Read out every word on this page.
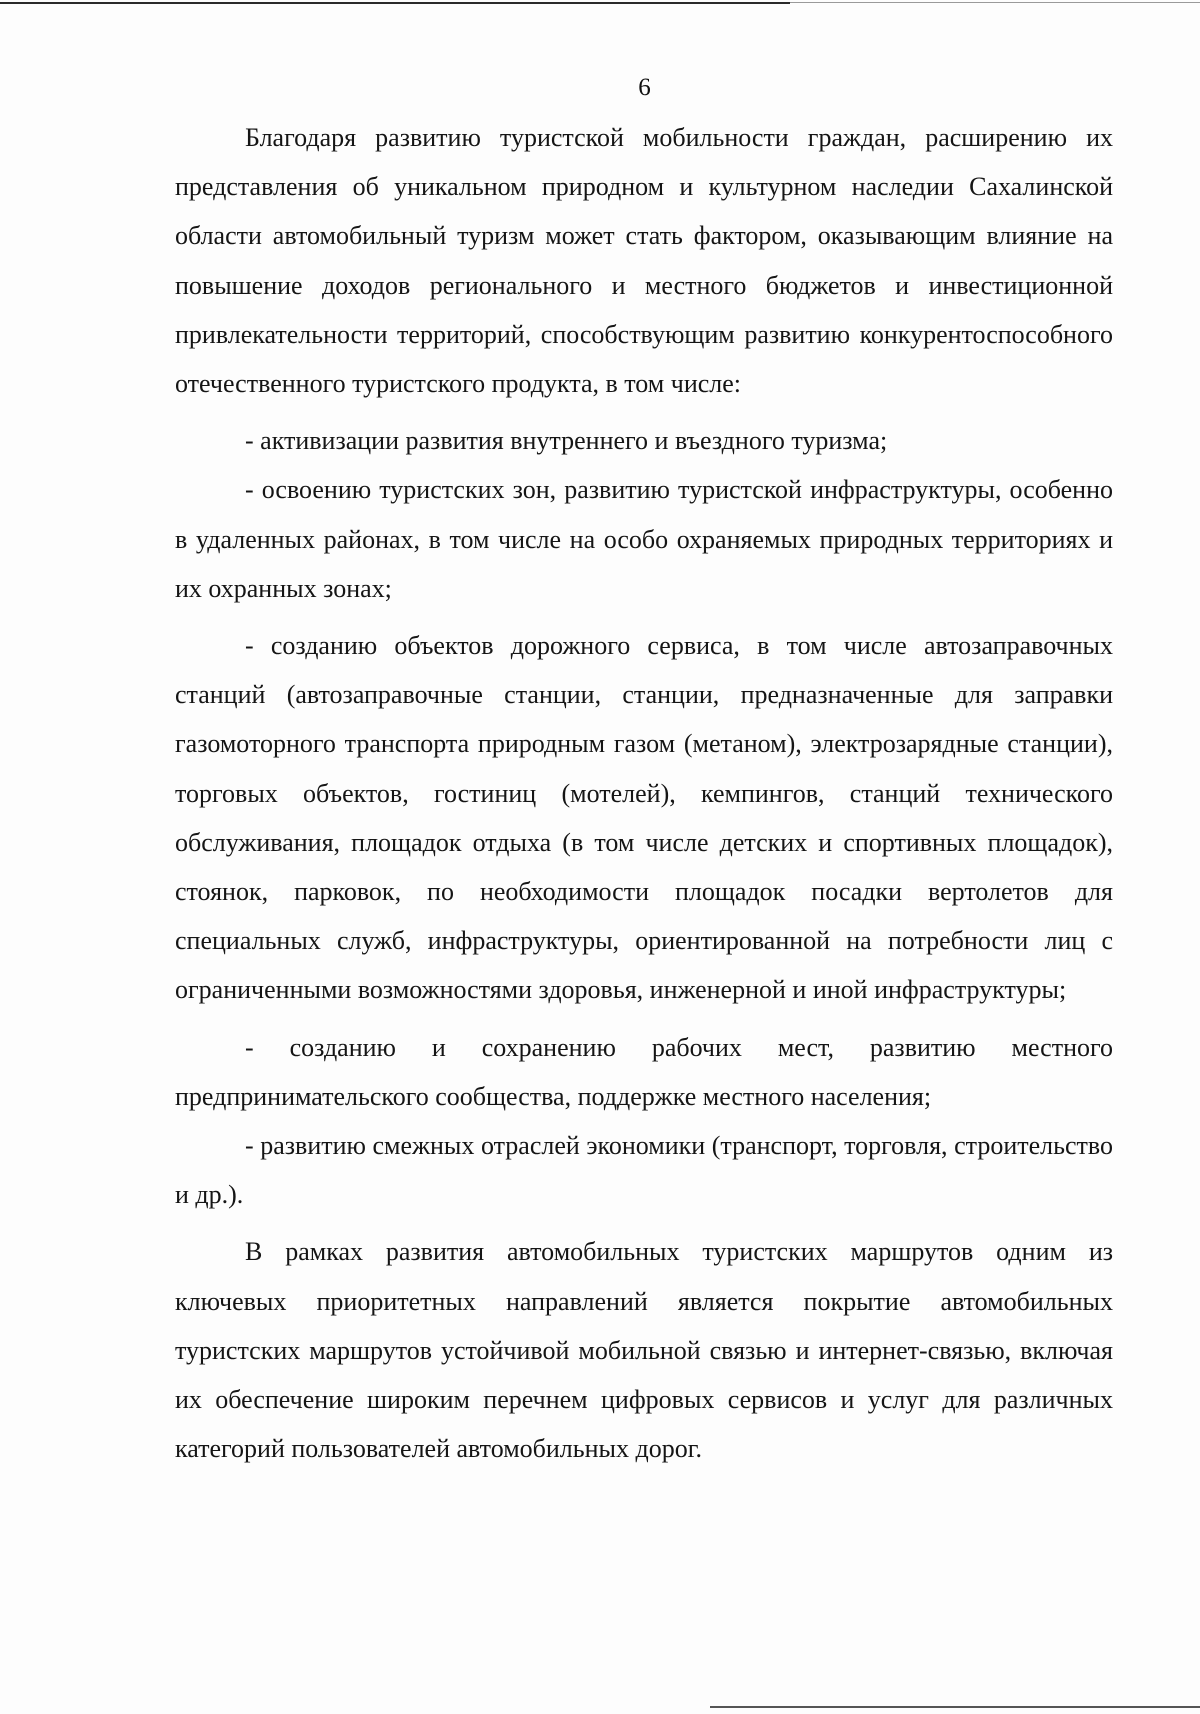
6

Благодаря развитию туристской мобильности граждан, расширению их представления об уникальном природном и культурном наследии Сахалинской области автомобильный туризм может стать фактором, оказывающим влияние на повышение доходов регионального и местного бюджетов и инвестиционной привлекательности территорий, способствующим развитию конкурентоспособного отечественного туристского продукта, в том числе:

- активизации развития внутреннего и въездного туризма;

- освоению туристских зон, развитию туристской инфраструктуры, особенно в удаленных районах, в том числе на особо охраняемых природных территориях и их охранных зонах;

- созданию объектов дорожного сервиса, в том числе автозаправочных станций (автозаправочные станции, станции, предназначенные для заправки газомоторного транспорта природным газом (метаном), электрозарядные станции), торговых объектов, гостиниц (мотелей), кемпингов, станций технического обслуживания, площадок отдыха (в том числе детских и спортивных площадок), стоянок, парковок, по необходимости площадок посадки вертолетов для специальных служб, инфраструктуры, ориентированной на потребности лиц с ограниченными возможностями здоровья, инженерной и иной инфраструктуры;

- созданию и сохранению рабочих мест, развитию местного предпринимательского сообщества, поддержке местного населения;

- развитию смежных отраслей экономики (транспорт, торговля, строительство и др.).

В рамках развития автомобильных туристских маршрутов одним из ключевых приоритетных направлений является покрытие автомобильных туристских маршрутов устойчивой мобильной связью и интернет-связью, включая их обеспечение широким перечнем цифровых сервисов и услуг для различных категорий пользователей автомобильных дорог.
